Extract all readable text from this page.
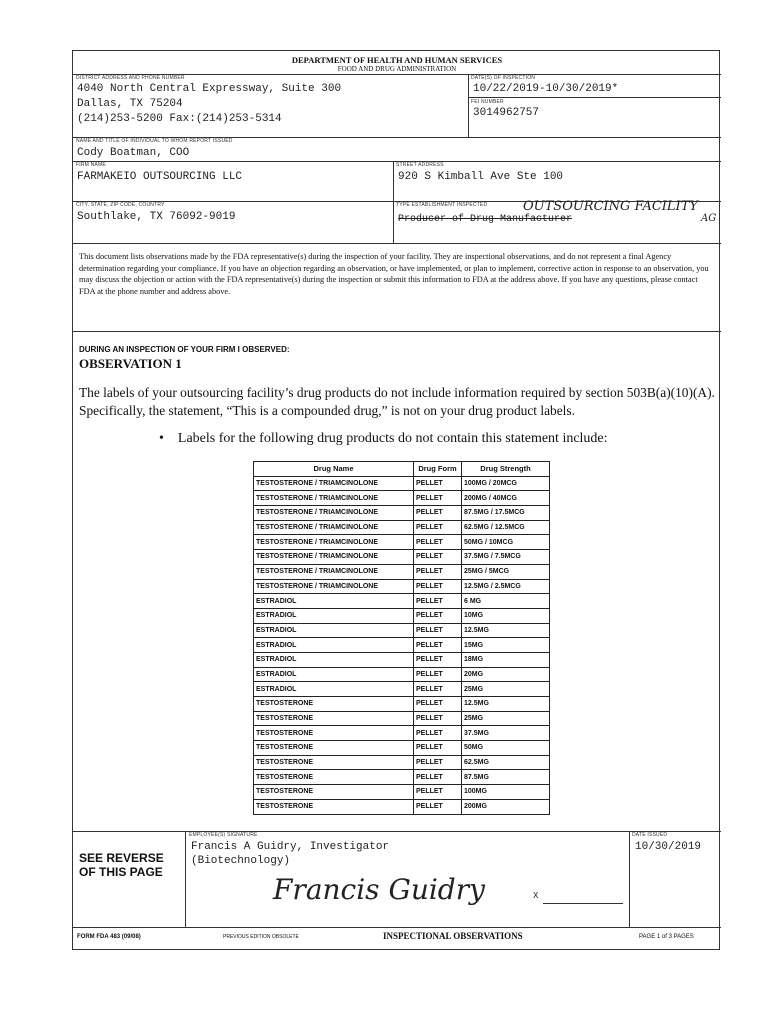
DEPARTMENT OF HEALTH AND HUMAN SERVICES
FOOD AND DRUG ADMINISTRATION
DISTRICT ADDRESS AND PHONE NUMBER
4040 North Central Expressway, Suite 300
Dallas, TX 75204
(214)253-5200 Fax:(214)253-5314
DATE(S) OF INSPECTION
10/22/2019-10/30/2019*
FEI NUMBER
3014962757
NAME AND TITLE OF INDIVIDUAL TO WHOM REPORT ISSUED
Cody Boatman, COO
FIRM NAME
FARMAKEIO OUTSOURCING LLC
STREET ADDRESS
920 S Kimball Ave Ste 100
CITY, STATE, ZIP CODE, COUNTRY
Southlake, TX 76092-9019
TYPE ESTABLISHMENT INSPECTED
Producer of Drug Manufacturer
OUTSOURCING FACILITY
AG
This document lists observations made by the FDA representative(s) during the inspection of your facility. They are inspectional observations, and do not represent a final Agency determination regarding your compliance. If you have an objection regarding an observation, or have implemented, or plan to implement, corrective action in response to an observation, you may discuss the objection or action with the FDA representative(s) during the inspection or submit this information to FDA at the address above. If you have any questions, please contact FDA at the phone number and address above.
DURING AN INSPECTION OF YOUR FIRM I OBSERVED:
OBSERVATION 1
The labels of your outsourcing facility’s drug products do not include information required by section 503B(a)(10)(A). Specifically, the statement, “This is a compounded drug,” is not on your drug product labels.
•    Labels for the following drug products do not contain this statement include:
Drug Name	Drug Form	Drug Strength
TESTOSTERONE / TRIAMCINOLONE	PELLET	100MG / 20MCG
TESTOSTERONE / TRIAMCINOLONE	PELLET	200MG / 40MCG
TESTOSTERONE / TRIAMCINOLONE	PELLET	87.5MG / 17.5MCG
TESTOSTERONE / TRIAMCINOLONE	PELLET	62.5MG / 12.5MCG
TESTOSTERONE / TRIAMCINOLONE	PELLET	50MG / 10MCG
TESTOSTERONE / TRIAMCINOLONE	PELLET	37.5MG / 7.5MCG
TESTOSTERONE / TRIAMCINOLONE	PELLET	25MG / 5MCG
TESTOSTERONE / TRIAMCINOLONE	PELLET	12.5MG / 2.5MCG
ESTRADIOL	PELLET	6 MG
ESTRADIOL	PELLET	10MG
ESTRADIOL	PELLET	12.5MG
ESTRADIOL	PELLET	15MG
ESTRADIOL	PELLET	18MG
ESTRADIOL	PELLET	20MG
ESTRADIOL	PELLET	25MG
TESTOSTERONE	PELLET	12.5MG
TESTOSTERONE	PELLET	25MG
TESTOSTERONE	PELLET	37.5MG
TESTOSTERONE	PELLET	50MG
TESTOSTERONE	PELLET	62.5MG
TESTOSTERONE	PELLET	87.5MG
TESTOSTERONE	PELLET	100MG
TESTOSTERONE	PELLET	200MG
SEE REVERSE
OF THIS PAGE
EMPLOYEE(S) SIGNATURE
Francis A Guidry, Investigator
(Biotechnology)
Francis Guidry	X
DATE ISSUED
10/30/2019
FORM FDA 483 (09/08)	PREVIOUS EDITION OBSOLETE	INSPECTIONAL OBSERVATIONS	PAGE 1 of 3 PAGES
